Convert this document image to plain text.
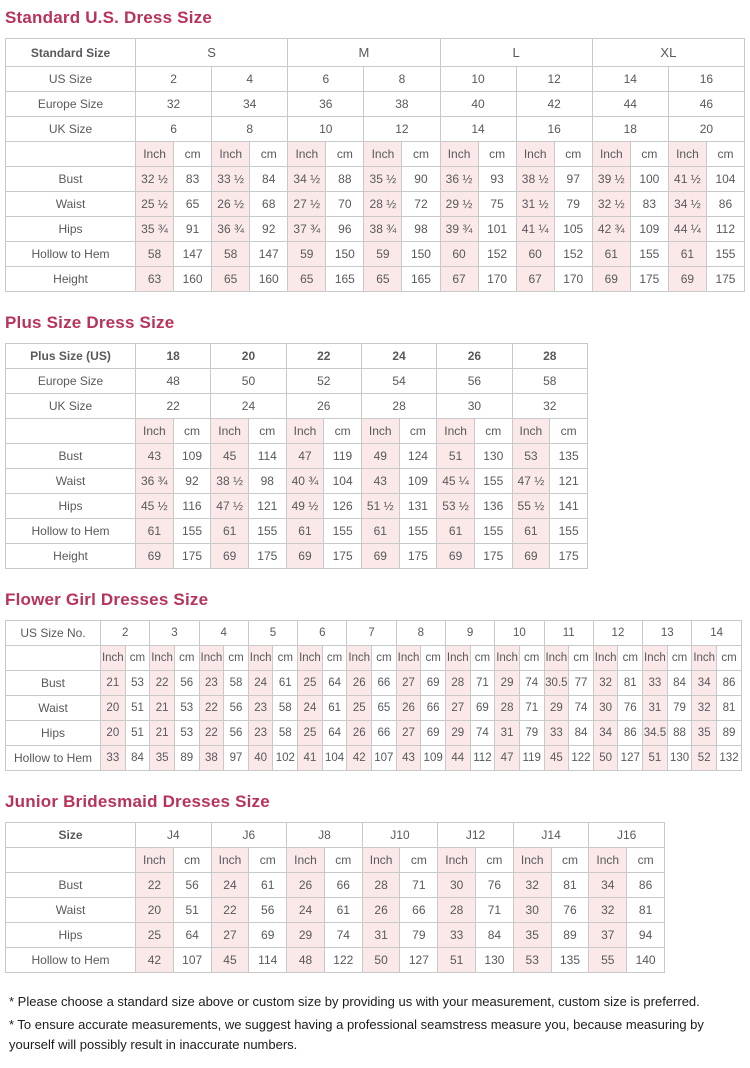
Standard U.S. Dress Size
Standard Size	S				M				L				XL			
US Size	2		4		6		8		10		12		14		16	
Europe Size	32		34		36		38		40		42		44		46	
UK Size	6		8		10		12		14		16		18		20	
	Inch	cm	Inch	cm	Inch	cm	Inch	cm	Inch	cm	Inch	cm	Inch	cm	Inch	cm
Bust	32 ½	83	33 ½	84	34 ½	88	35 ½	90	36 ½	93	38 ½	97	39 ½	100	41 ½	104
Waist	25 ½	65	26 ½	68	27 ½	70	28 ½	72	29 ½	75	31 ½	79	32 ½	83	34 ½	86
Hips	35 ¾	91	36 ¾	92	37 ¾	96	38 ¾	98	39 ¾	101	41 ¼	105	42 ¾	109	44 ¼	112
Hollow to Hem	58	147	58	147	59	150	59	150	60	152	60	152	61	155	61	155
Height	63	160	65	160	65	165	65	165	67	170	67	170	69	175	69	175
Plus Size Dress Size
Plus Size (US)	18		20		22		24		26		28	
Europe Size	48		50		52		54		56		58	
UK Size	22		24		26		28		30		32	
	Inch	cm	Inch	cm	Inch	cm	Inch	cm	Inch	cm	Inch	cm
Bust	43	109	45	114	47	119	49	124	51	130	53	135
Waist	36 ¾	92	38 ½	98	40 ¾	104	43	109	45 ¼	155	47 ½	121
Hips	45 ½	116	47 ½	121	49 ½	126	51 ½	131	53 ½	136	55 ½	141
Hollow to Hem	61	155	61	155	61	155	61	155	61	155	61	155
Height	69	175	69	175	69	175	69	175	69	175	69	175
Flower Girl Dresses Size
US Size No.	2		3		4		5		6		7		8		9		10		11		12		13		14	
	Inch	cm	Inch	cm	Inch	cm	Inch	cm	Inch	cm	Inch	cm	Inch	cm	Inch	cm	Inch	cm	Inch	cm	Inch	cm	Inch	cm	Inch	cm
Bust	21	53	22	56	23	58	24	61	25	64	26	66	27	69	28	71	29	74	30.5	77	32	81	33	84	34	86
Waist	20	51	21	53	22	56	23	58	24	61	25	65	26	66	27	69	28	71	29	74	30	76	31	79	32	81
Hips	20	51	21	53	22	56	23	58	25	64	26	66	27	69	29	74	31	79	33	84	34	86	34.5	88	35	89
Hollow to Hem	33	84	35	89	38	97	40	102	41	104	42	107	43	109	44	112	47	119	45	122	50	127	51	130	52	132
Junior Bridesmaid Dresses Size
Size	J4		J6		J8		J10		J12		J14		J16	
	Inch	cm	Inch	cm	Inch	cm	Inch	cm	Inch	cm	Inch	cm	Inch	cm
Bust	22	56	24	61	26	66	28	71	30	76	32	81	34	86
Waist	20	51	22	56	24	61	26	66	28	71	30	76	32	81
Hips	25	64	27	69	29	74	31	79	33	84	35	89	37	94
Hollow to Hem	42	107	45	114	48	122	50	127	51	130	53	135	55	140

* Please choose a standard size above or custom size by providing us with your measurement, custom size is preferred.

* To ensure accurate measurements, we suggest having a professional seamstress measure you, because measuring by yourself will possibly result in inaccurate numbers.
